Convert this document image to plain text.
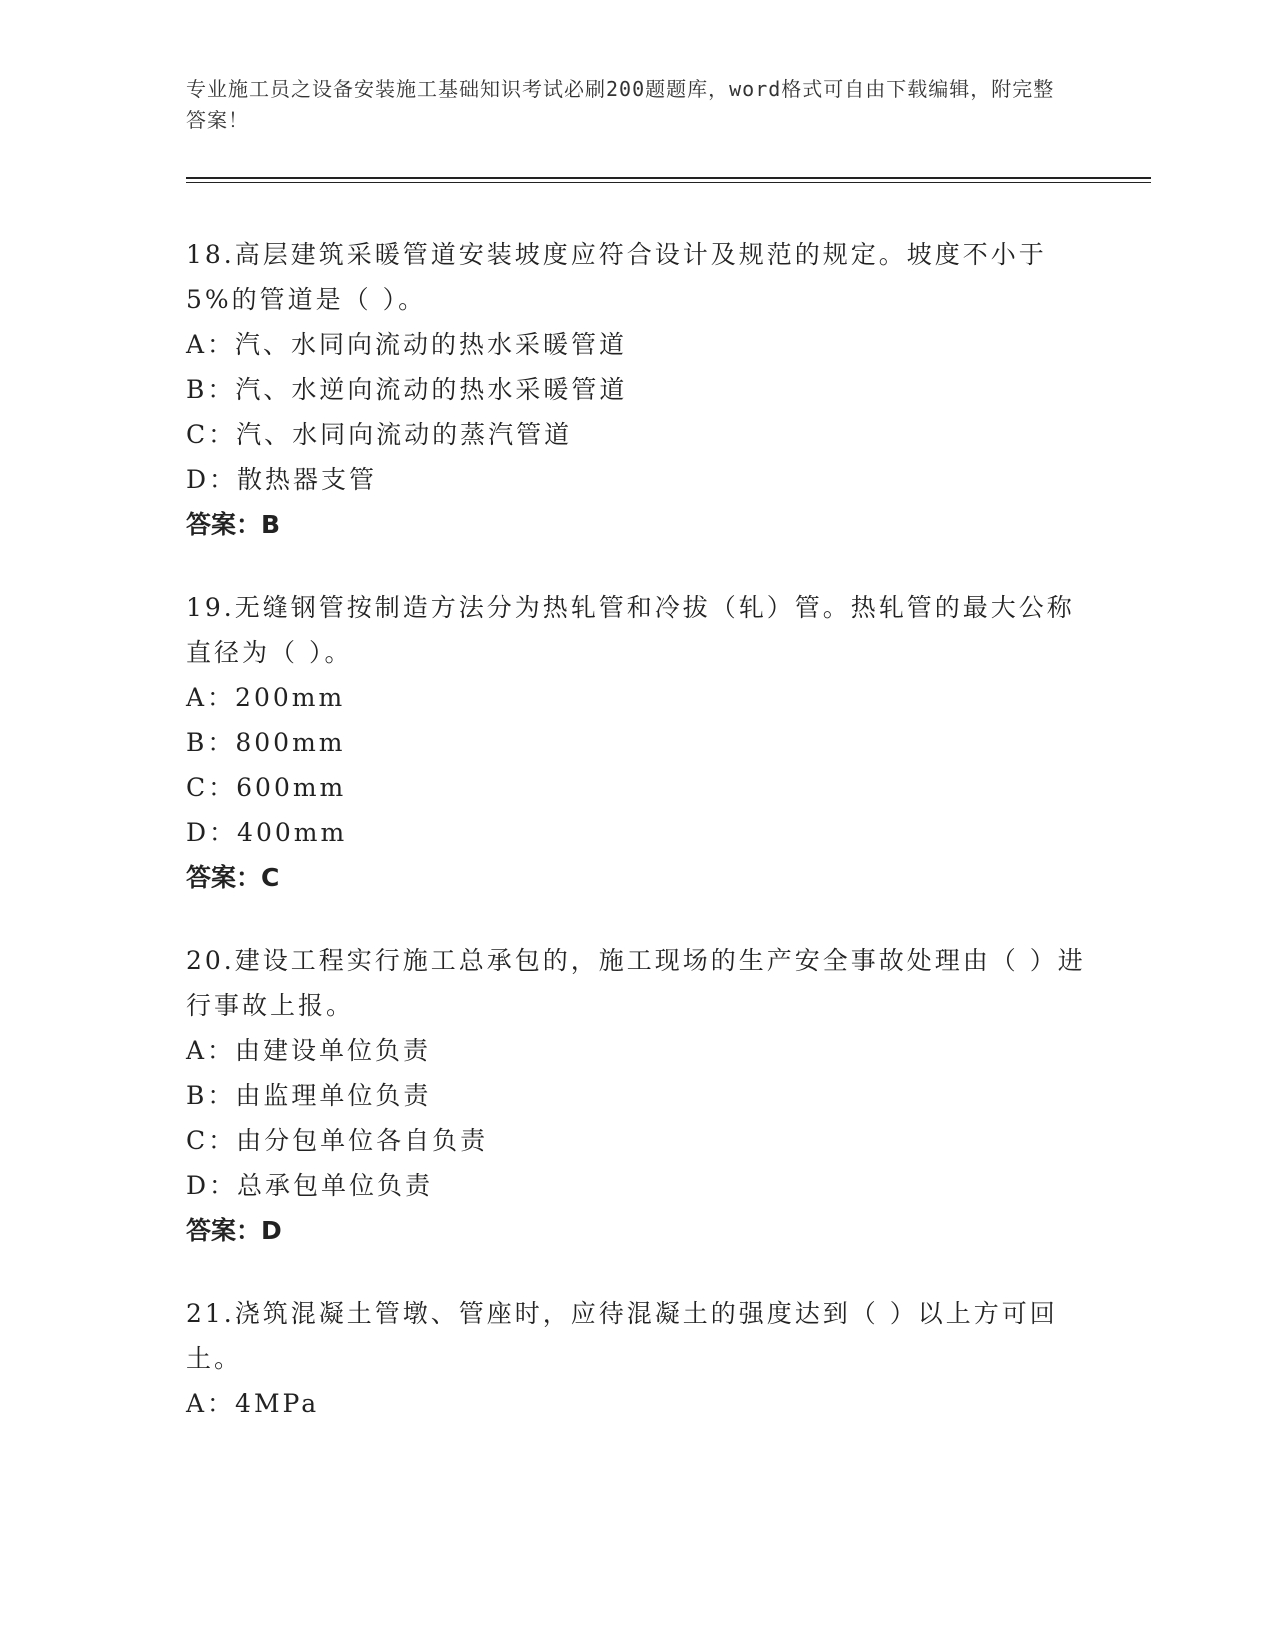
专业施工员之设备安装施工基础知识考试必刷200题题库，word格式可自由下载编辑，附完整答案！

18.高层建筑采暖管道安装坡度应符合设计及规范的规定。坡度不小于5%的管道是（ ）。

A：汽、水同向流动的热水采暖管道

B：汽、水逆向流动的热水采暖管道

C：汽、水同向流动的蒸汽管道

D：散热器支管

答案：B

19.无缝钢管按制造方法分为热轧管和冷拔（轧）管。热轧管的最大公称直径为（ ）。

A：200mm

B：800mm

C：600mm

D：400mm

答案：C

20.建设工程实行施工总承包的，施工现场的生产安全事故处理由（ ）进行事故上报。

A：由建设单位负责

B：由监理单位负责

C：由分包单位各自负责

D：总承包单位负责

答案：D

21.浇筑混凝土管墩、管座时，应待混凝土的强度达到（ ）以上方可回土。

A：4MPa
